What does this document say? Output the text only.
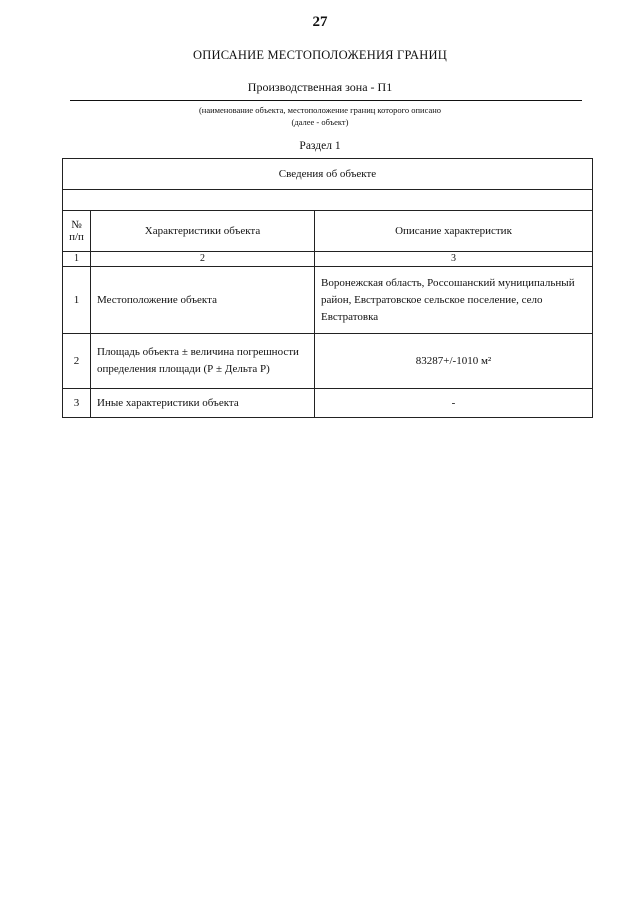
27
ОПИСАНИЕ МЕСТОПОЛОЖЕНИЯ ГРАНИЦ
Производственная зона - П1
(наименование объекта, местоположение границ которого описано
(далее - объект)
Раздел 1
Сведения об объекте		

№ п/п	Характеристики объекта	Описание характеристик
1	2	3
1	Местоположение объекта	Воронежская область, Россошанский муниципальный район, Евстратовское сельское поселение, село Евстратовка
2	Площадь объекта ± величина погрешности определения площади (Р ± Дельта Р)	83287+/-1010 м²
3	Иные характеристики объекта	-
